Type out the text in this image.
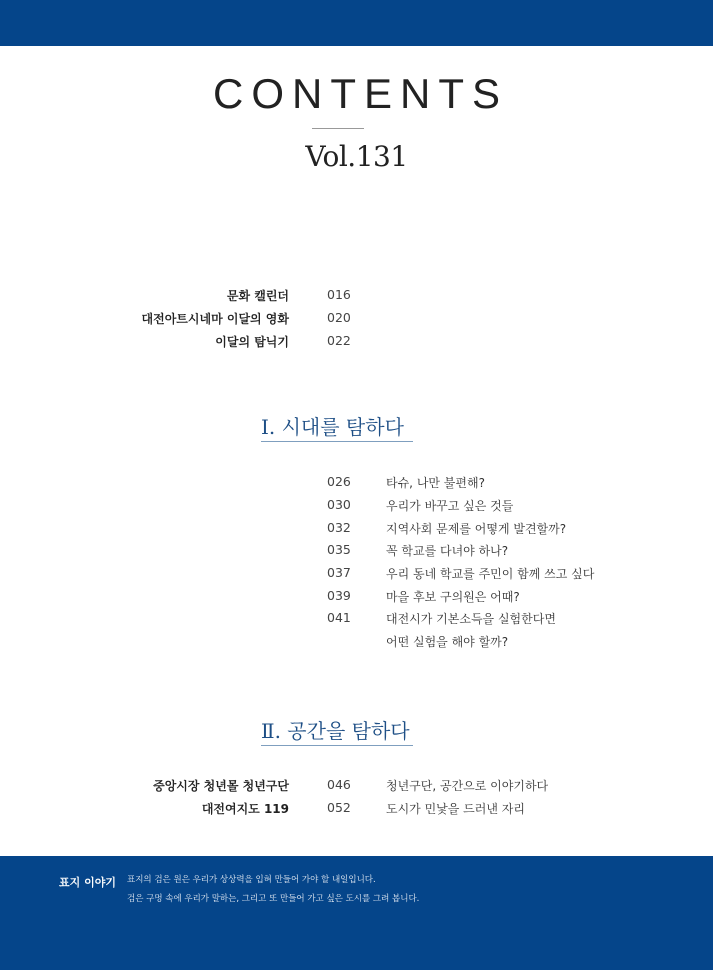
CONTENTS
Vol.131
문화 캘린더	016
대전아트시네마 이달의 영화	020
이달의 탐닉기	022
Ⅰ. 시대를 탐하다
026	타슈, 나만 불편해?
030	우리가 바꾸고 싶은 것들
032	지역사회 문제를 어떻게 발견할까?
035	꼭 학교를 다녀야 하나?
037	우리 동네 학교를 주민이 함께 쓰고 싶다
039	마을 후보 구의원은 어때?
041	대전시가 기본소득을 실험한다면
어떤 실험을 해야 할까?
Ⅱ. 공간을 탐하다
중앙시장 청년몰 청년구단	046	청년구단, 공간으로 이야기하다
대전여지도 119	052	도시가 민낯을 드러낸 자리
표지 이야기 표지의 검은 원은 우리가 상상력을 입혀 만들어 가야 할 내일입니다.
검은 구멍 속에 우리가 말하는, 그리고 또 만들어 가고 싶은 도시를 그려 봅니다.
